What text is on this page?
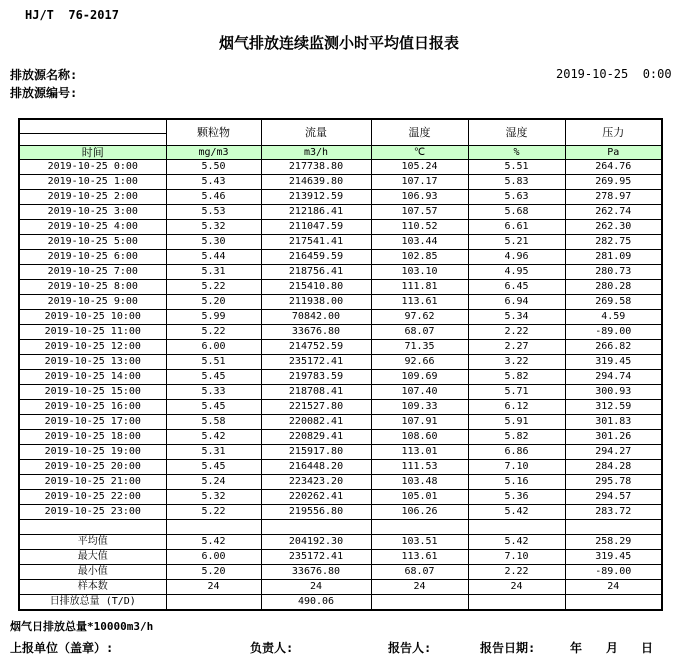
HJ/T  76-2017
烟气排放连续监测小时平均值日报表
排放源名称:
排放源编号:
2019-10-25  0:00
	颗粒物	流量	温度	湿度	压力

时间	mg/m3	m3/h	℃	%	Pa
2019-10-25 0:00	5.50	217738.80	105.24	5.51	264.76
2019-10-25 1:00	5.43	214639.80	107.17	5.83	269.95
2019-10-25 2:00	5.46	213912.59	106.93	5.63	278.97
2019-10-25 3:00	5.53	212186.41	107.57	5.68	262.74
2019-10-25 4:00	5.32	211047.59	110.52	6.61	262.30
2019-10-25 5:00	5.30	217541.41	103.44	5.21	282.75
2019-10-25 6:00	5.44	216459.59	102.85	4.96	281.09
2019-10-25 7:00	5.31	218756.41	103.10	4.95	280.73
2019-10-25 8:00	5.22	215410.80	111.81	6.45	280.28
2019-10-25 9:00	5.20	211938.00	113.61	6.94	269.58
2019-10-25 10:00	5.99	70842.00	97.62	5.34	4.59
2019-10-25 11:00	5.22	33676.80	68.07	2.22	-89.00
2019-10-25 12:00	6.00	214752.59	71.35	2.27	266.82
2019-10-25 13:00	5.51	235172.41	92.66	3.22	319.45
2019-10-25 14:00	5.45	219783.59	109.69	5.82	294.74
2019-10-25 15:00	5.33	218708.41	107.40	5.71	300.93
2019-10-25 16:00	5.45	221527.80	109.33	6.12	312.59
2019-10-25 17:00	5.58	220082.41	107.91	5.91	301.83
2019-10-25 18:00	5.42	220829.41	108.60	5.82	301.26
2019-10-25 19:00	5.31	215917.80	113.01	6.86	294.27
2019-10-25 20:00	5.45	216448.20	111.53	7.10	284.28
2019-10-25 21:00	5.24	223423.20	103.48	5.16	295.78
2019-10-25 22:00	5.32	220262.41	105.01	5.36	294.57
2019-10-25 23:00	5.22	219556.80	106.26	5.42	283.72

平均值	5.42	204192.30	103.51	5.42	258.29
最大值	6.00	235172.41	113.61	7.10	319.45
最小值	5.20	33676.80	68.07	2.22	-89.00
样本数	24	24	24	24	24
日排放总量 (T/D)		490.06			
烟气日排放总量*10000m3/h
上报单位（盖章）:	负责人:	报告人:	报告日期:	年 月 日
